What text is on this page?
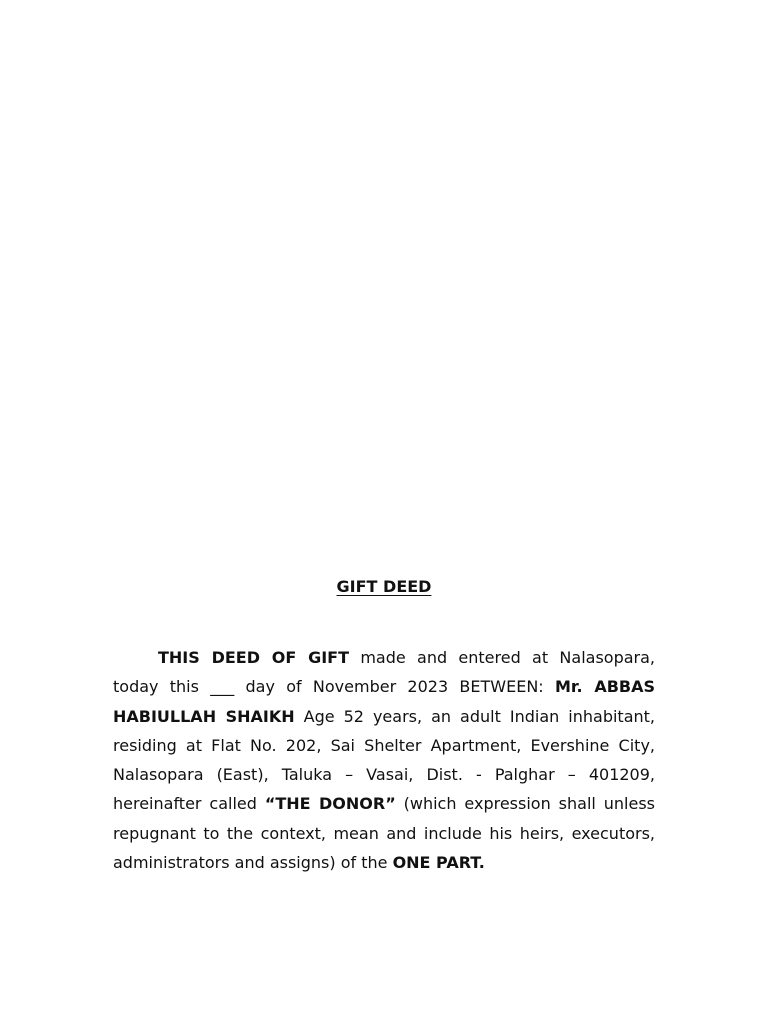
GIFT DEED

THIS DEED OF GIFT made and entered at Nalasopara, today this ___ day of November 2023 BETWEEN: Mr. ABBAS HABIULLAH SHAIKH Age 52 years, an adult Indian inhabitant, residing at Flat No. 202, Sai Shelter Apartment, Evershine City, Nalasopara (East), Taluka – Vasai, Dist. - Palghar – 401209, hereinafter called “THE DONOR” (which expression shall unless repugnant to the context, mean and include his heirs, executors, administrators and assigns) of the ONE PART.
